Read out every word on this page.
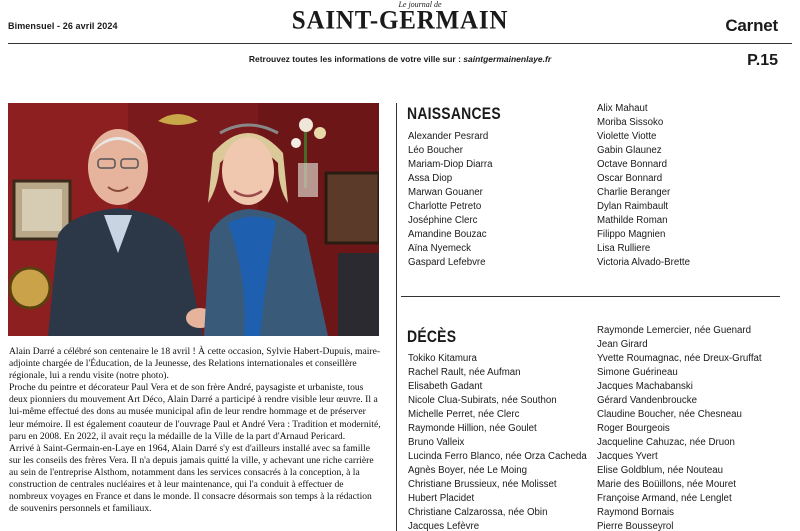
Bimensuel - 26 avril 2024
Le journal de
SAINT-GERMAIN	Carnet
Retrouvez toutes les informations de votre ville sur : saintgermainenlaye.fr	P.15

Alain Darré a célébré son centenaire le 18 avril ! À cette occasion, Sylvie Habert-Dupuis, maire-adjointe chargée de l'Éducation, de la Jeunesse, des Relations internationales et conseillère régionale, lui a rendu visite (notre photo).

Proche du peintre et décorateur Paul Vera et de son frère André, paysagiste et urbaniste, tous deux pionniers du mouvement Art Déco, Alain Darré a participé à rendre visible leur œuvre. Il a lui-même effectué des dons au musée municipal afin de leur rendre hommage et de préserver leur mémoire. Il est également coauteur de l'ouvrage Paul et André Vera : Tradition et modernité, paru en 2008. En 2022, il avait reçu la médaille de la Ville de la part d'Arnaud Pericard.

Arrivé à Saint-Germain-en-Laye en 1964, Alain Darré s'y est d'ailleurs installé avec sa famille sur les conseils des frères Vera. Il n'a depuis jamais quitté la ville, y achevant une riche carrière au sein de l'entreprise Alsthom, notamment dans les services consacrés à la conception, à la construction de centrales nucléaires et à leur maintenance, qui l'a conduit à effectuer de nombreux voyages en France et dans le monde. Il consacre désormais son temps à la rédaction de souvenirs personnels et familiaux.

NAISSANCES
Alexander Pesrard
Léo Boucher
Mariam-Diop Diarra
Assa Diop
Marwan Gouaner
Charlotte Petreto
Joséphine Clerc
Amandine Bouzac
Aïna Nyemeck
Gaspard Lefebvre
Alix Mahaut
Moriba Sissoko
Violette Viotte
Gabin Glaunez
Octave Bonnard
Oscar Bonnard
Charlie Beranger
Dylan Raimbault
Mathilde Roman
Filippo Magnien
Lisa Rulliere
Victoria Alvado-Brette
DÉCÈS
Tokiko Kitamura
Rachel Rault, née Aufman
Elisabeth Gadant
Nicole Clua-Subirats, née Southon
Michelle Perret, née Clerc
Raymonde Hillion, née Goulet
Bruno Valleix
Lucinda Ferro Blanco, née Orza Cacheda
Agnès Boyer, née Le Moing
Christiane Brussieux, née Molisset
Hubert Placidet
Christiane Calzarossa, née Obin
Jacques Lefèvre
Raymonde Lemercier, née Guenard
Jean Girard
Yvette Roumagnac, née Dreux-Gruffat
Simone Guérineau
Jacques Machabanski
Gérard Vandenbroucke
Claudine Boucher, née Chesneau
Roger Bourgeois
Jacqueline Cahuzac, née Druon
Jacques Yvert
Elise Goldblum, née Nouteau
Marie des Boüillons, née Mouret
Françoise Armand, née Lenglet
Raymond Bornais
Pierre Bousseyrol
